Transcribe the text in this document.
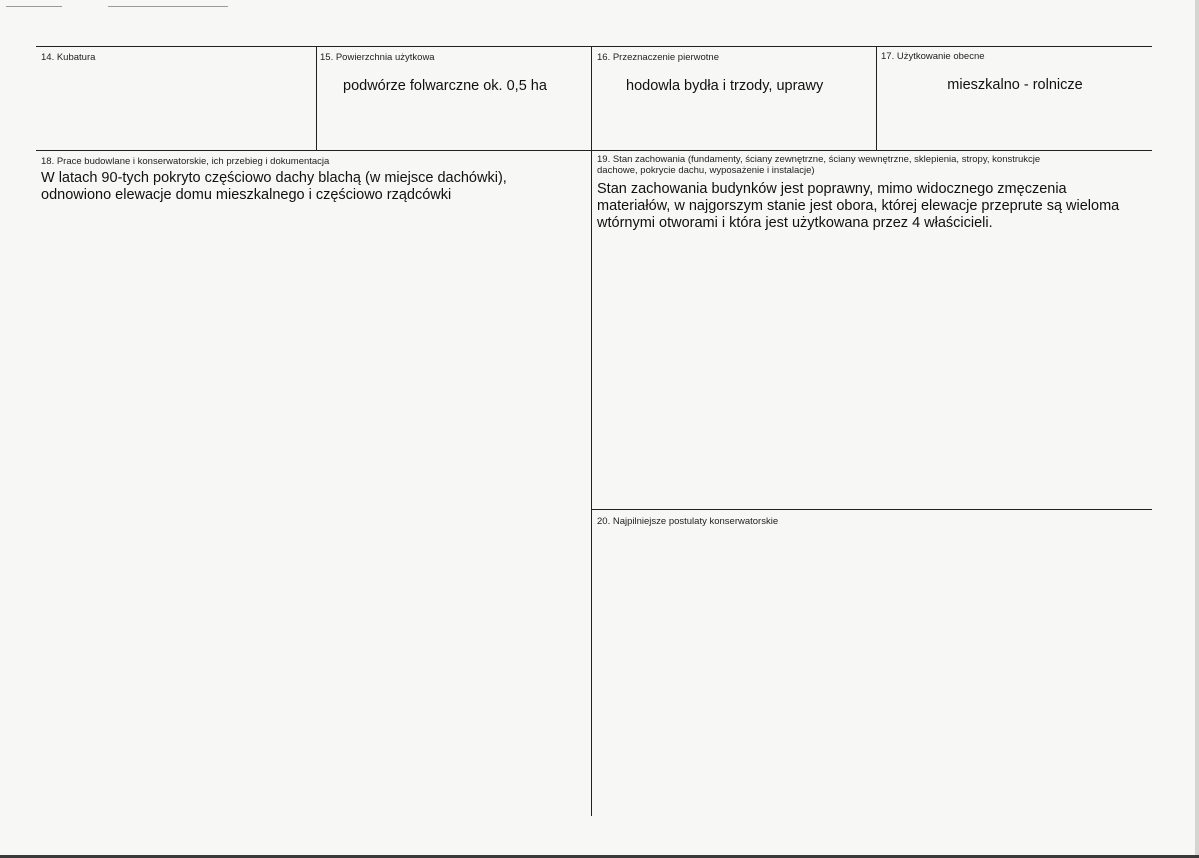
14. Kubatura	15. Powierzchnia użytkowa
podwórze folwarczne ok. 0,5 ha
16. Przeznaczenie pierwotne
hodowla bydła i trzody, uprawy
17. Użytkowanie obecne
mieszkalno - rolnicze
18. Prace budowlane i konserwatorskie, ich przebieg i dokumentacja
W latach 90-tych pokryto częściowo dachy blachą (w miejsce dachówki), odnowiono elewacje domu mieszkalnego i częściowo rządcówki
19. Stan zachowania (fundamenty, ściany zewnętrzne, ściany wewnętrzne, sklepienia, stropy, konstrukcje dachowe, pokrycie dachu, wyposażenie i instalacje)
Stan zachowania budynków jest poprawny, mimo widocznego zmęczenia materiałów, w najgorszym stanie jest obora, której elewacje przeprute są wieloma wtórnymi otworami i która jest użytkowana przez 4 właścicieli.
20. Najpilniejsze postulaty konserwatorskie
